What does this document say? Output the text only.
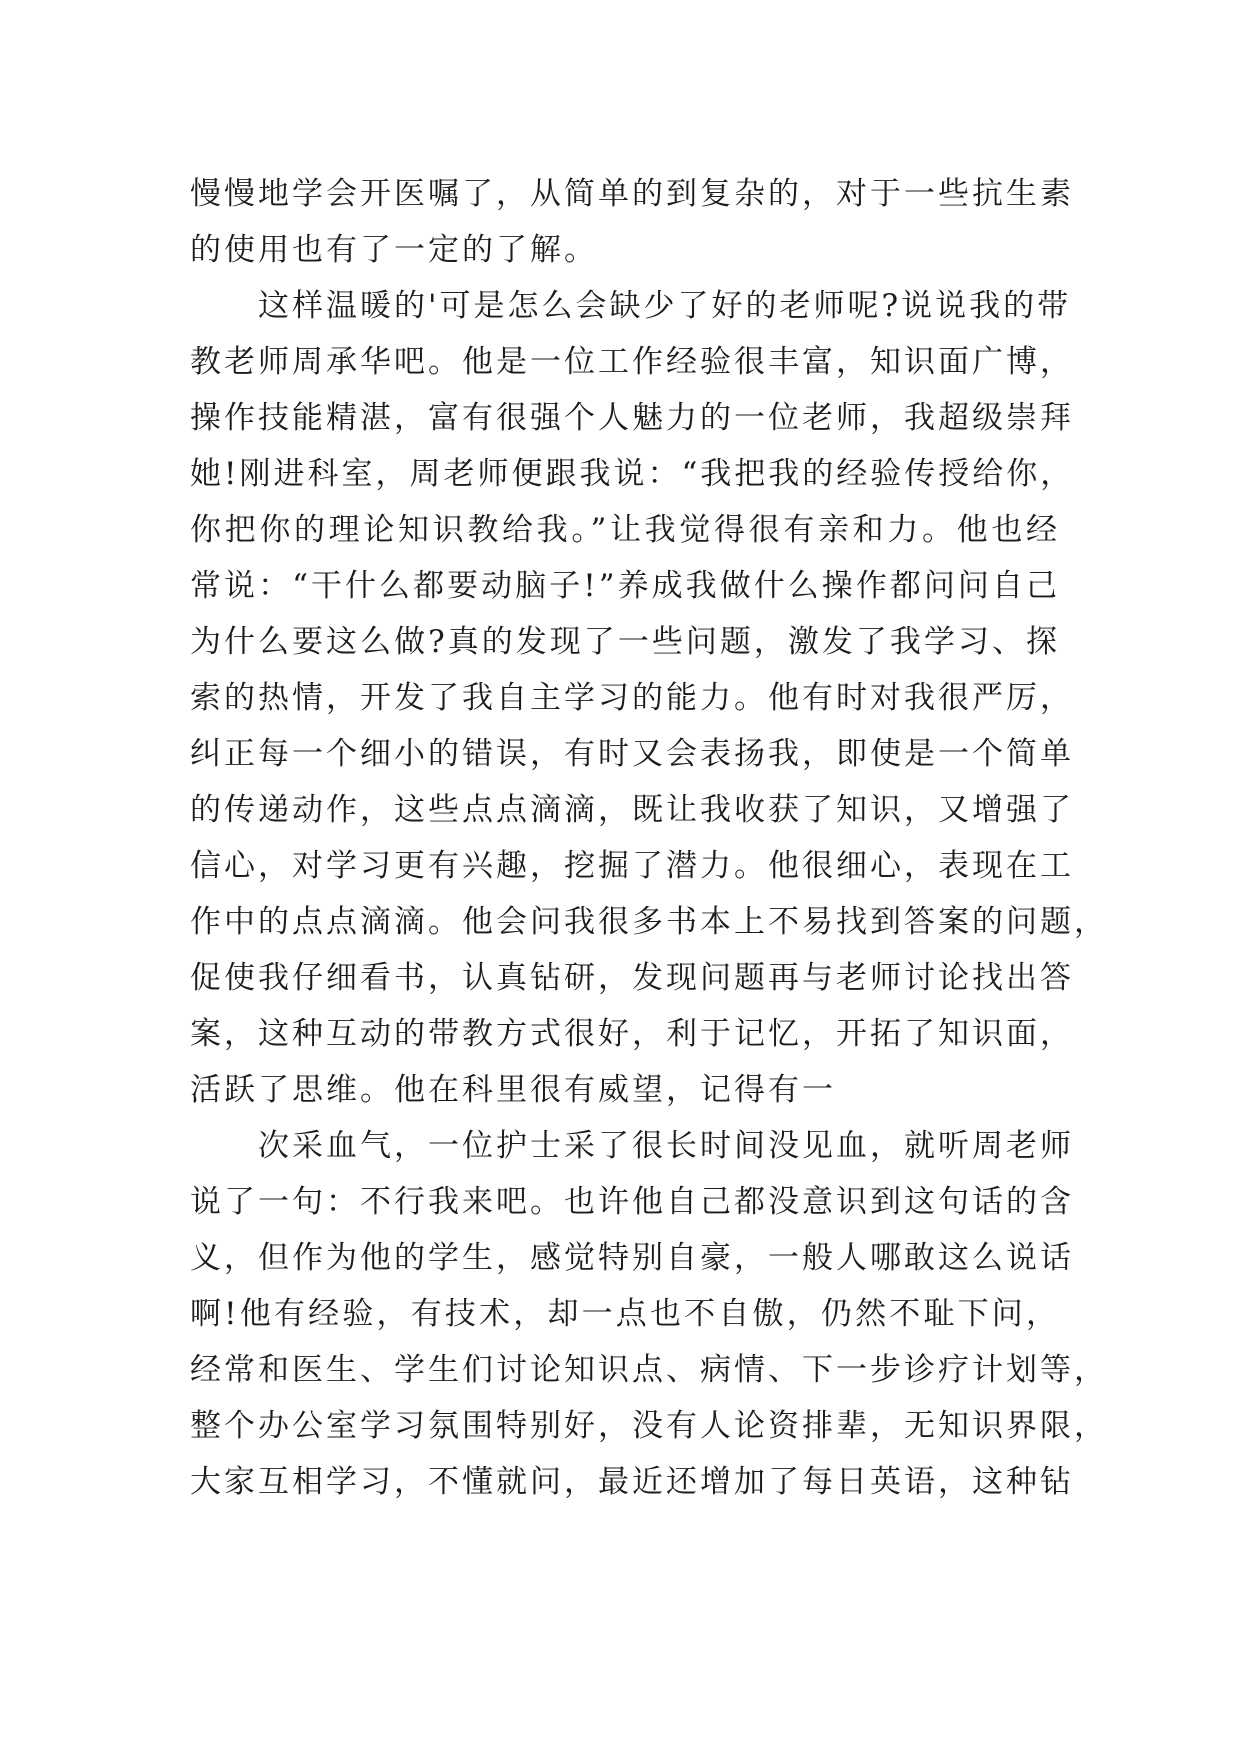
慢慢地学会开医嘱了，从简单的到复杂的，对于一些抗生素
的使用也有了一定的了解。
这样温暖的'可是怎么会缺少了好的老师呢?说说我的带
教老师周承华吧。他是一位工作经验很丰富，知识面广博，
操作技能精湛，富有很强个人魅力的一位老师，我超级崇拜
她!刚进科室，周老师便跟我说：“我把我的经验传授给你，
你把你的理论知识教给我。”让我觉得很有亲和力。他也经
常说：“干什么都要动脑子!”养成我做什么操作都问问自己
为什么要这么做?真的发现了一些问题，激发了我学习、探
索的热情，开发了我自主学习的能力。他有时对我很严厉，
纠正每一个细小的错误，有时又会表扬我，即使是一个简单
的传递动作，这些点点滴滴，既让我收获了知识，又增强了
信心，对学习更有兴趣，挖掘了潜力。他很细心，表现在工
作中的点点滴滴。他会问我很多书本上不易找到答案的问题，
促使我仔细看书，认真钻研，发现问题再与老师讨论找出答
案，这种互动的带教方式很好，利于记忆，开拓了知识面，
活跃了思维。他在科里很有威望，记得有一
次采血气，一位护士采了很长时间没见血，就听周老师
说了一句：不行我来吧。也许他自己都没意识到这句话的含
义，但作为他的学生，感觉特别自豪，一般人哪敢这么说话
啊!他有经验，有技术，却一点也不自傲，仍然不耻下问，
经常和医生、学生们讨论知识点、病情、下一步诊疗计划等，
整个办公室学习氛围特别好，没有人论资排辈，无知识界限，
大家互相学习，不懂就问，最近还增加了每日英语，这种钻
